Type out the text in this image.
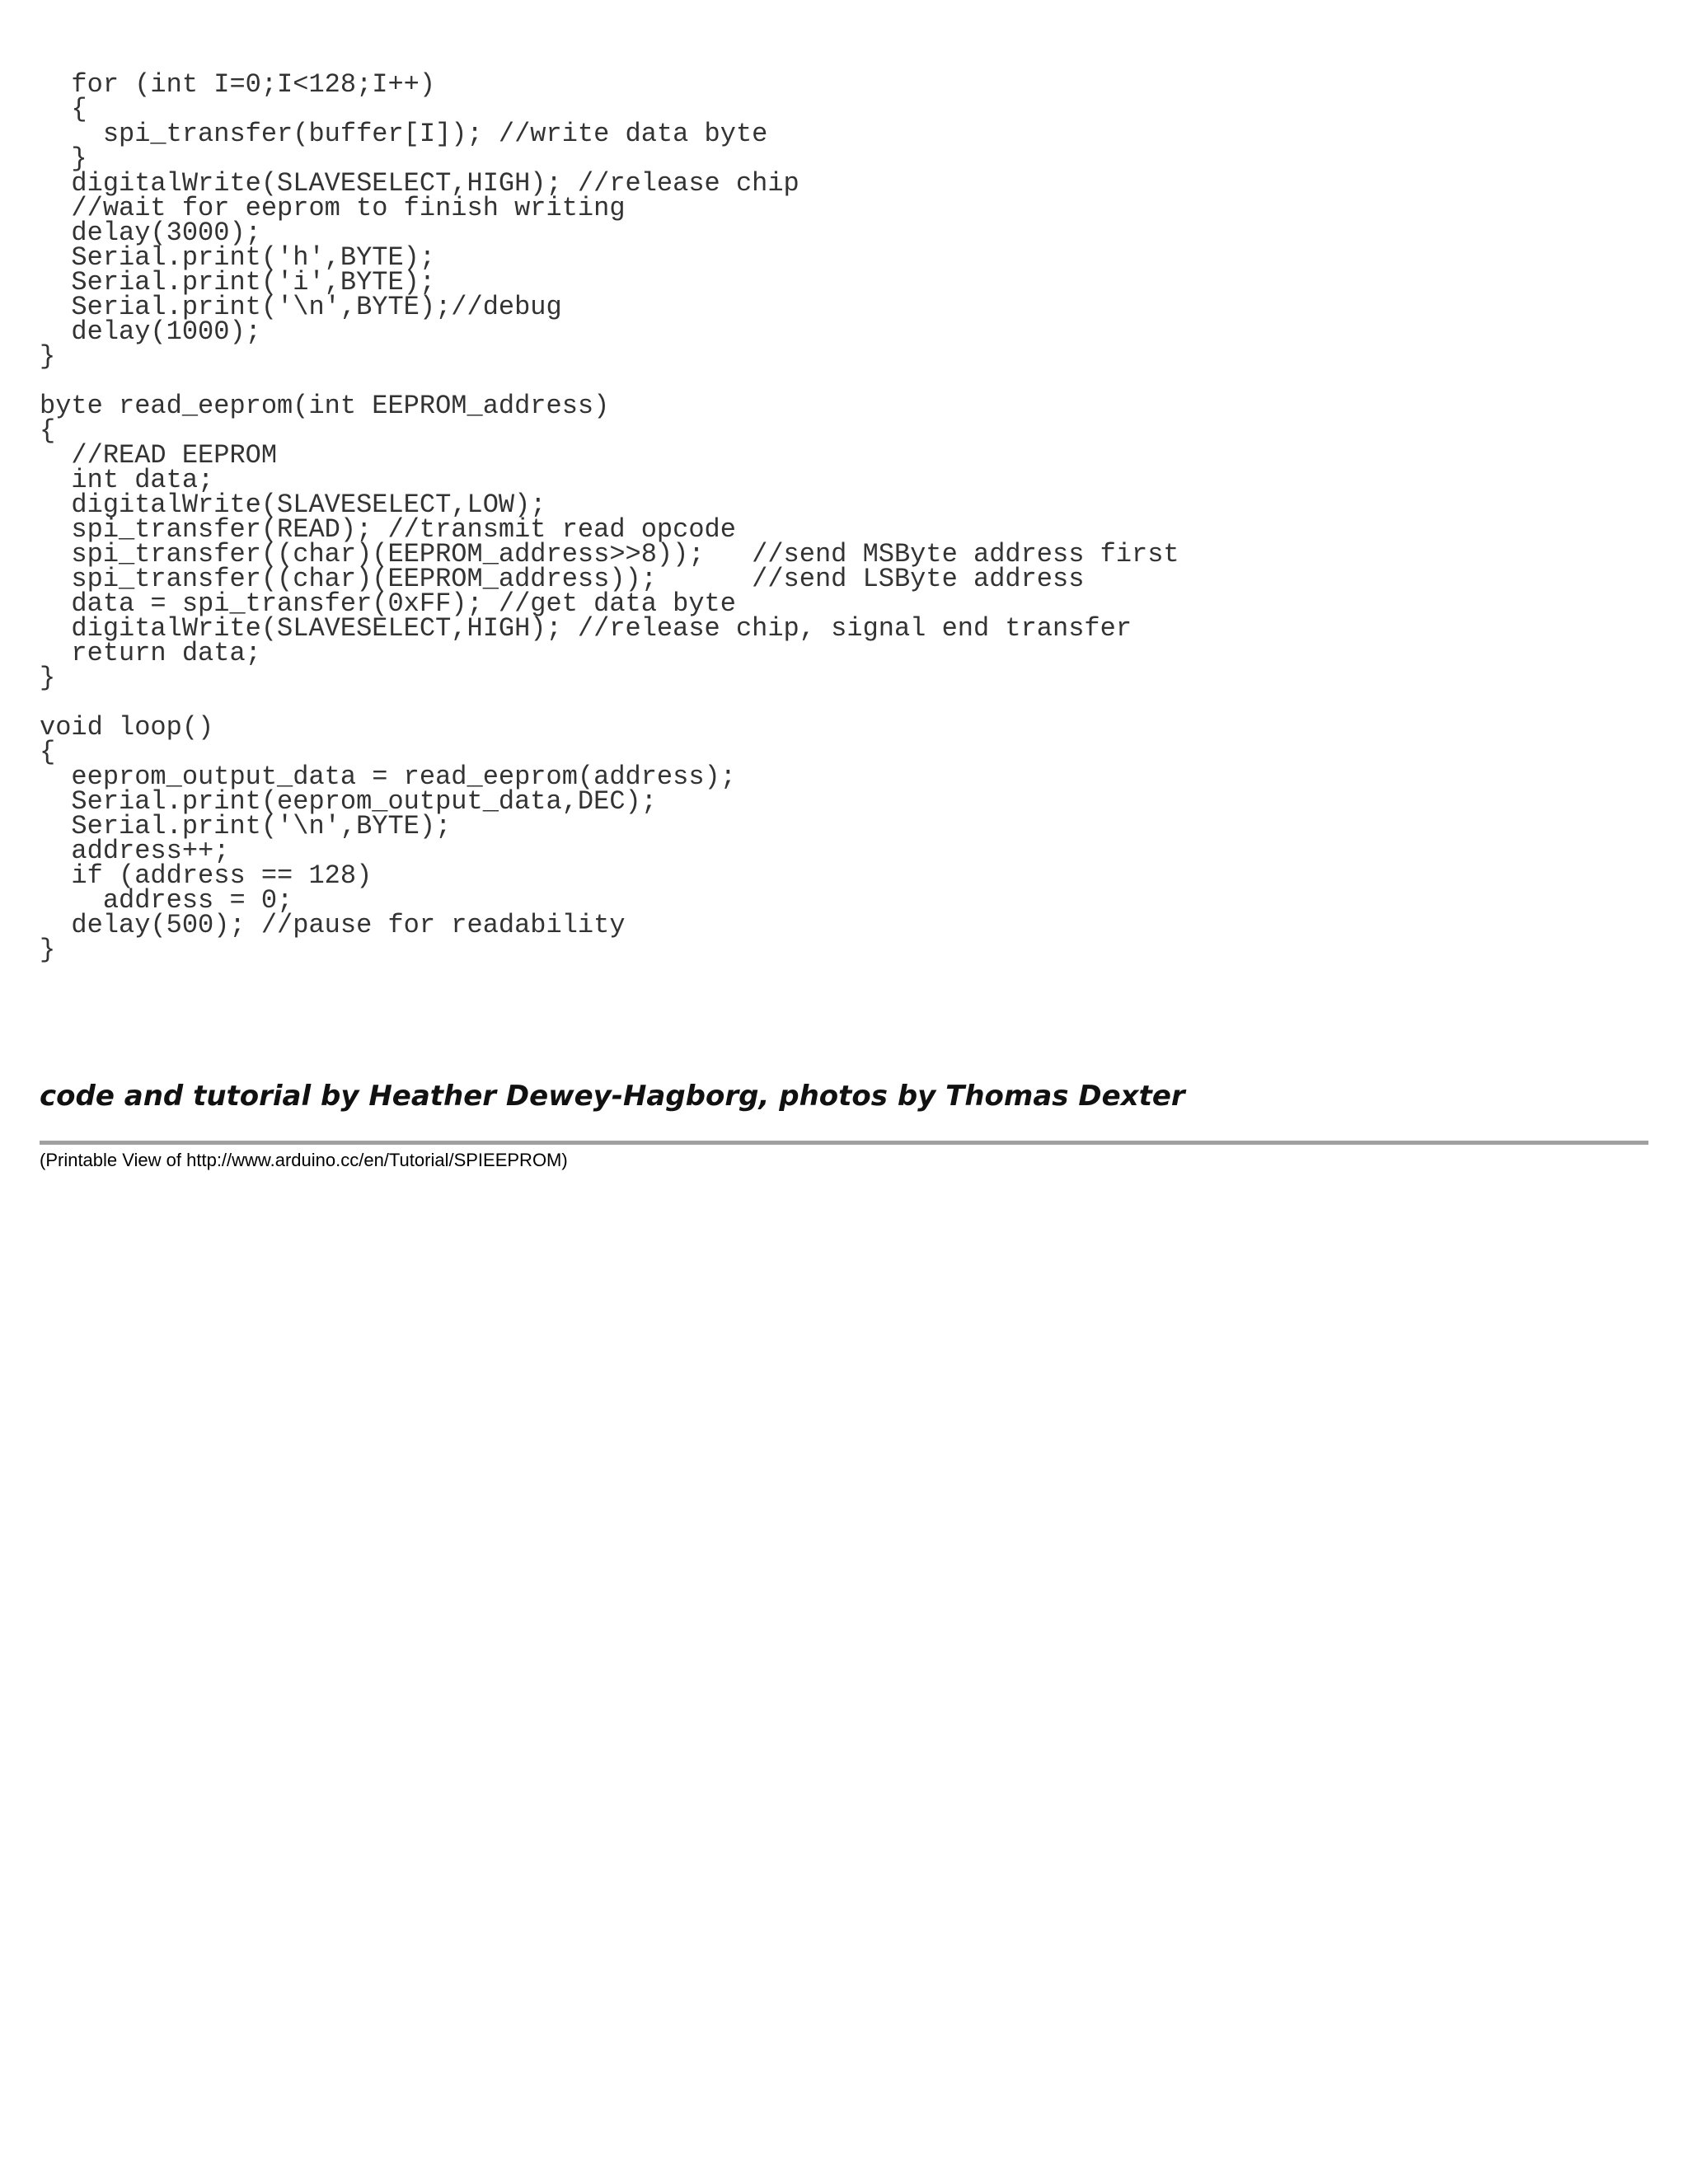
for (int I=0;I<128;I++)
{
spi_transfer(buffer[I]); //write data byte
}
digitalWrite(SLAVESELECT,HIGH); //release chip
//wait for eeprom to finish writing
delay(3000);
Serial.print('h',BYTE);
Serial.print('i',BYTE);
Serial.print('\n',BYTE);//debug
delay(1000);
}
byte read_eeprom(int EEPROM_address)
{
//READ EEPROM
int data;
digitalWrite(SLAVESELECT,LOW);
spi_transfer(READ); //transmit read opcode
spi_transfer((char)(EEPROM_address>>8));   //send MSByte address first
spi_transfer((char)(EEPROM_address));      //send LSByte address
data = spi_transfer(0xFF); //get data byte
digitalWrite(SLAVESELECT,HIGH); //release chip, signal end transfer
return data;
}
void loop()
{
eeprom_output_data = read_eeprom(address);
Serial.print(eeprom_output_data,DEC);
Serial.print('\n',BYTE);
address++;
if (address == 128)
address = 0;
delay(500); //pause for readability
}
code and tutorial by Heather Dewey-Hagborg, photos by Thomas Dexter
(Printable View of http://www.arduino.cc/en/Tutorial/SPIEEPROM)
